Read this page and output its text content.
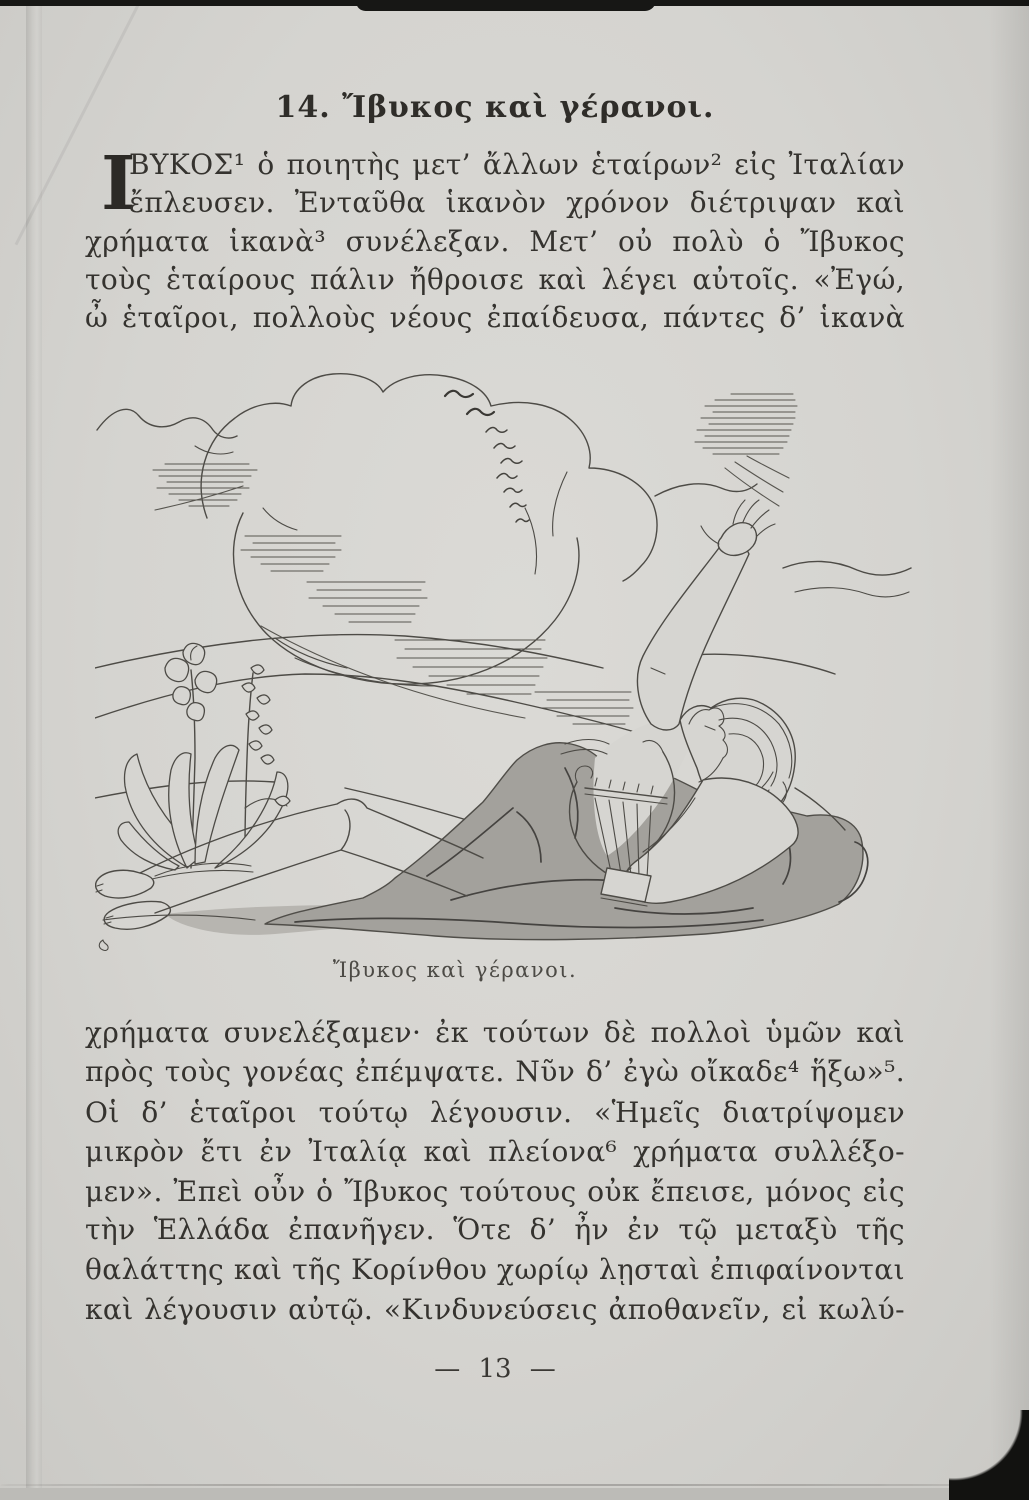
14. Ἴβυκος καὶ γέρανοι.
Ι
ΒΥΚΟΣ¹ ὁ ποιητὴς μετ’ ἄλλων ἑταίρων² εἰς Ἰταλίαν
ἔπλευσεν. Ἐνταῦθα ἱκανὸν χρόνον διέτριψαν καὶ
χρήματα ἱκανὰ³ συνέλεξαν. Μετ’ οὐ πολὺ ὁ Ἴβυκος
τοὺς ἑταίρους πάλιν ἤθροισε καὶ λέγει αὐτοῖς. «Ἐγώ,
ὦ ἑταῖροι, πολλοὺς νέους ἐπαίδευσα, πάντες δ’ ἱκανὰ
Ἴβυκος καὶ γέρανοι.
χρήματα συνελέξαμεν· ἐκ τούτων δὲ πολλοὶ ὑμῶν καὶ
πρὸς τοὺς γονέας ἐπέμψατε. Νῦν δ’ ἐγὼ οἴκαδε⁴ ἥξω»⁵.
Οἱ δ’ ἑταῖροι τούτῳ λέγουσιν. «Ἡμεῖς διατρίψομεν
μικρὸν ἔτι ἐν Ἰταλίᾳ καὶ πλείονα⁶ χρήματα συλλέξο-
μεν». Ἐπεὶ οὖν ὁ Ἴβυκος τούτους οὐκ ἔπεισε, μόνος εἰς
τὴν Ἑλλάδα ἐπανῆγεν. Ὅτε δ’ ἦν ἐν τῷ μεταξὺ τῆς
θαλάττης καὶ τῆς Κορίνθου χωρίῳ λῃσταὶ ἐπιφαίνονται
καὶ λέγουσιν αὐτῷ. «Κινδυνεύσεις ἀποθανεῖν, εἰ κωλύ-
— 13 —
